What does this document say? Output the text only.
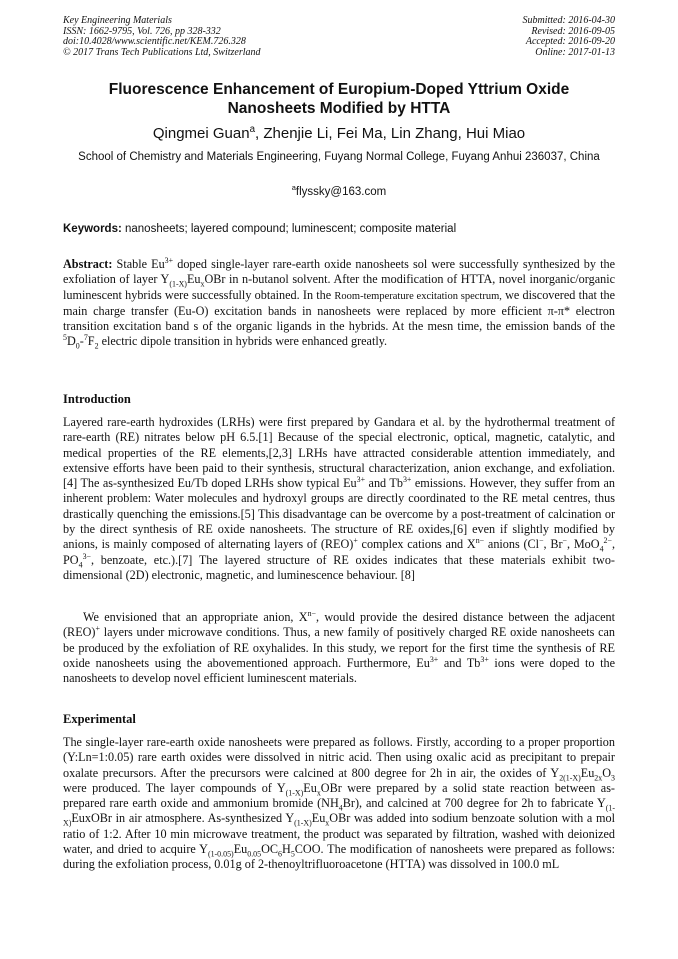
Key Engineering Materials
ISSN: 1662-9795, Vol. 726, pp 328-332
doi:10.4028/www.scientific.net/KEM.726.328
© 2017 Trans Tech Publications Ltd, Switzerland
Submitted: 2016-04-30
Revised: 2016-09-05
Accepted: 2016-09-20
Online: 2017-01-13
Fluorescence Enhancement of Europium-Doped Yttrium Oxide
Nanosheets Modified by HTTA
Qingmei Guan$^a$, Zhenjie Li, Fei Ma, Lin Zhang, Hui Miao
School of Chemistry and Materials Engineering, Fuyang Normal College, Fuyang Anhui 236037, China
$^a$flyssky@163.com
Keywords: nanosheets; layered compound; luminescent; composite material
Abstract: Stable $Eu^{3+}$ doped single-layer rare-earth oxide nanosheets sol were successfully synthesized by the exfoliation of layer $Y_{(1-X)}Eu_xOBr$ in n-butanol solvent. After the modification of HTTA, novel inorganic/organic luminescent hybrids were successfully obtained. In the Room-temperature excitation spectrum, we discovered that the main charge transfer (Eu-O) excitation bands in nanosheets were replaced by more efficient π-π* electron transition excitation band s of the organic ligands in the hybrids. At the mesn time, the emission bands of the $^5D_0-^7F_2$ electric dipole transition in hybrids were enhanced greatly.
Introduction
Layered rare-earth hydroxides (LRHs) were first prepared by Gandara et al. by the hydrothermal treatment of rare-earth (RE) nitrates below pH 6.5.[1] Because of the special electronic, optical, magnetic, catalytic, and medical properties of the RE elements,[2,3] LRHs have attracted considerable attention immediately, and extensive efforts have been paid to their synthesis, structural characterization, anion exchange, and exfoliation.[4] The as-synthesized Eu/Tb doped LRHs show typical $Eu^{3+}$ and $Tb^{3+}$ emissions. However, they suffer from an inherent problem: Water molecules and hydroxyl groups are directly coordinated to the RE metal centres, thus drastically quenching the emissions.[5] This disadvantage can be overcome by a post-treatment of calcination or by the direct synthesis of RE oxide nanosheets. The structure of RE oxides,[6] even if slightly modified by anions, is mainly composed of alternating layers of (REO)+ complex cations and $X^{n-}$ anions (Cl−, Br−, MoO$_4^{2-}$, $PO_4^{3-}$, benzoate, etc.).[7] The layered structure of RE oxides indicates that these materials exhibit two-dimensional (2D) electronic, magnetic, and luminescence behaviour. [8]
We envisioned that an appropriate anion, $X^{n-}$, would provide the desired distance between the adjacent (REO)+ layers under microwave conditions. Thus, a new family of positively charged RE oxide nanosheets can be produced by the exfoliation of RE oxyhalides. In this study, we report for the first time the synthesis of RE oxide nanosheets using the abovementioned approach. Furthermore, $Eu^{3+}$ and $Tb^{3+}$ ions were doped to the nanosheets to develop novel efficient luminescent materials.
Experimental
The single-layer rare-earth oxide nanosheets were prepared as follows. Firstly, according to a proper proportion (Y:Ln=1:0.05) rare earth oxides were dissolved in nitric acid. Then using oxalic acid as precipitant to prepair oxalate precursors. After the precursors were calcined at 800 degree for 2h in air, the oxides of $Y_{2(1-X)}Eu_{2x}O_3$ were produced. The layer compounds of $Y_{(1-X)}Eu_xOBr$ were prepared by a solid state reaction between as-prepared rare earth oxide and ammonium bromide $(NH_4Br)$, and calcined at 700 degree for 2h to fabricate $Y_{(1-X)}EuxOBr$ in air atmosphere. As-synthesized $Y_{(1-X)}Eu_xOBr$ was added into sodium benzoate solution with a mol ratio of 1:2. After 10 min microwave treatment, the product was separated by filtration, washed with deionized water, and dried to acquire $Y_{(1-0.05)}Eu_{0.05}OC_6H_5COO$. The modification of nanosheets were prepared as follows: during the exfoliation process, 0.01g of 2-thenoyltrifluoroacetone (HTTA) was dissolved in 100.0 mL
